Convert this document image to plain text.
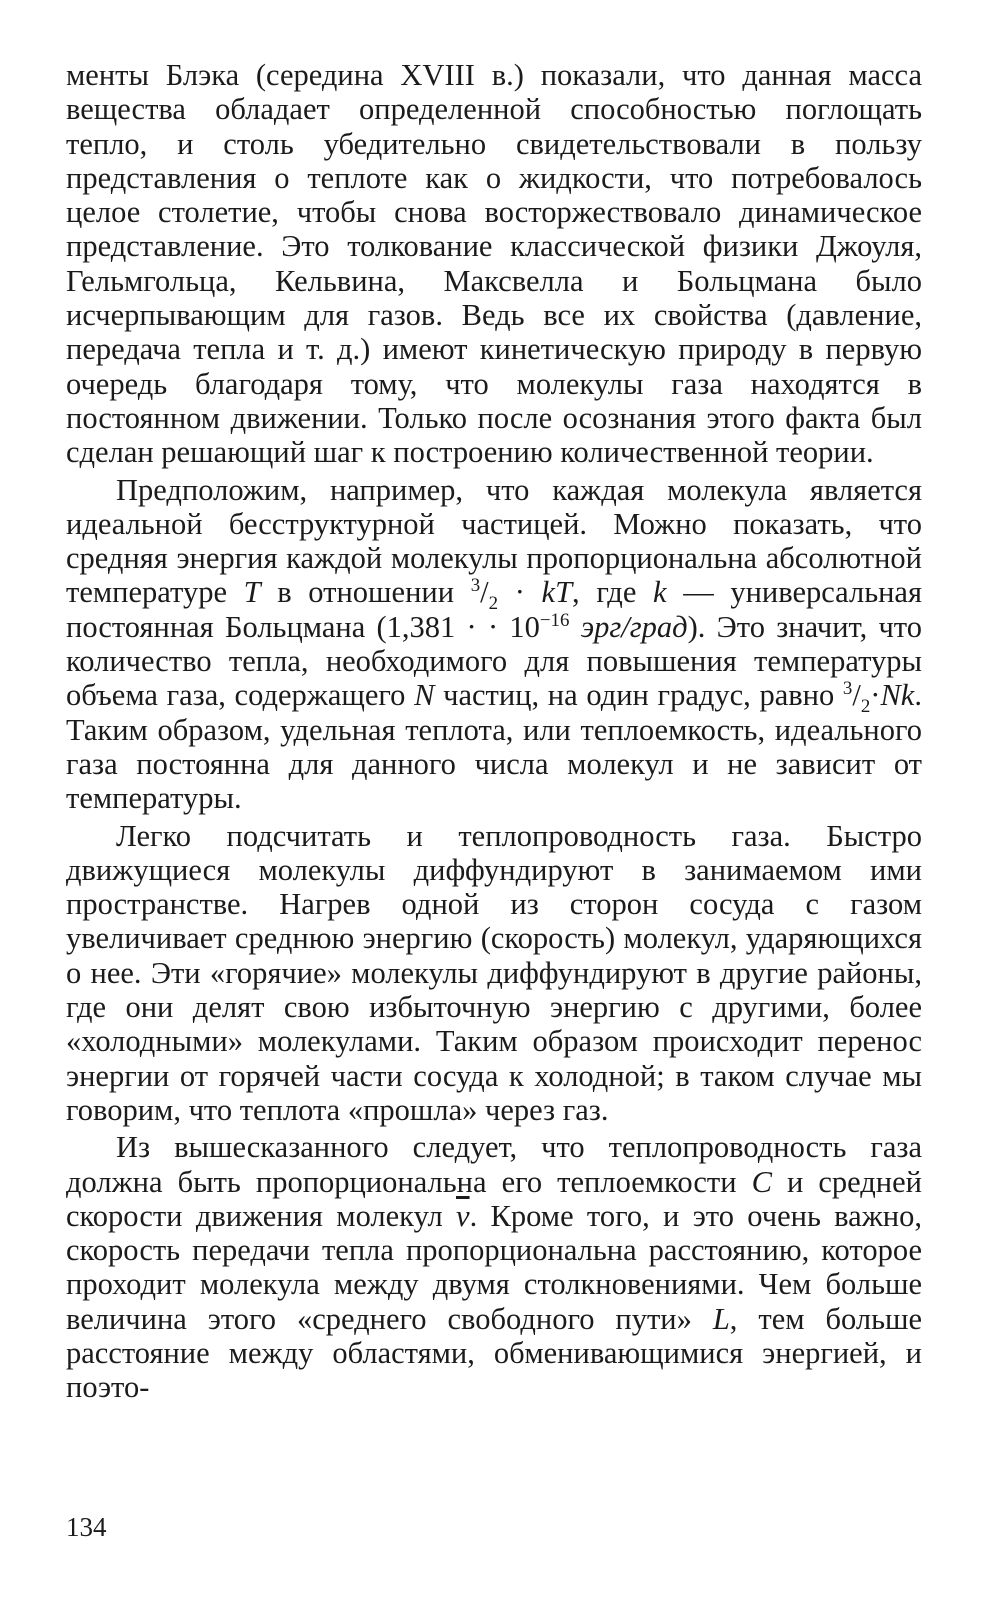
менты Блэка (середина XVIII в.) показали, что данная масса вещества обладает определенной способностью поглощать тепло, и столь убедительно свидетельствовали в пользу представления о теплоте как о жидкости, что потребовалось целое столетие, чтобы снова восторжествовало динамическое представление. Это толкование классической физики Джоуля, Гельмгольца, Кельвина, Максвелла и Больцмана было исчерпывающим для газов. Ведь все их свойства (давление, передача тепла и т. д.) имеют кинетическую природу в первую очередь благодаря тому, что молекулы газа находятся в постоянном движении. Только после осознания этого факта был сделан решающий шаг к построению количественной теории.

Предположим, например, что каждая молекула является идеальной бесструктурной частицей. Можно показать, что средняя энергия каждой молекулы пропорциональна абсолютной температуре T в отношении $^3/_2$ · kT, где k — универсальная постоянная Больцмана (1,381 · · $10^{-16}$ эрг/град). Это значит, что количество тепла, необходимого для повышения температуры объема газа, содержащего N частиц, на один градус, равно $^3/_2\cdot Nk$. Таким образом, удельная теплота, или теплоемкость, идеального газа постоянна для данного числа молекул и не зависит от температуры.

Легко подсчитать и теплопроводность газа. Быстро движущиеся молекулы диффундируют в занимаемом ими пространстве. Нагрев одной из сторон сосуда с газом увеличивает среднюю энергию (скорость) молекул, ударяющихся о нее. Эти «горячие» молекулы диффундируют в другие районы, где они делят свою избыточную энергию с другими, более «холодными» молекулами. Таким образом происходит перенос энергии от горячей части сосуда к холодной; в таком случае мы говорим, что теплота «прошла» через газ.

Из вышесказанного следует, что теплопроводность газа должна быть пропорциональна его теплоемкости C и средней скорости движения молекул $\overline{v}$. Кроме того, и это очень важно, скорость передачи тепла пропорциональна расстоянию, которое проходит молекула между двумя столкновениями. Чем больше величина этого «среднего свободного пути» L, тем больше расстояние между областями, обменивающимися энергией, и поэто-

134
